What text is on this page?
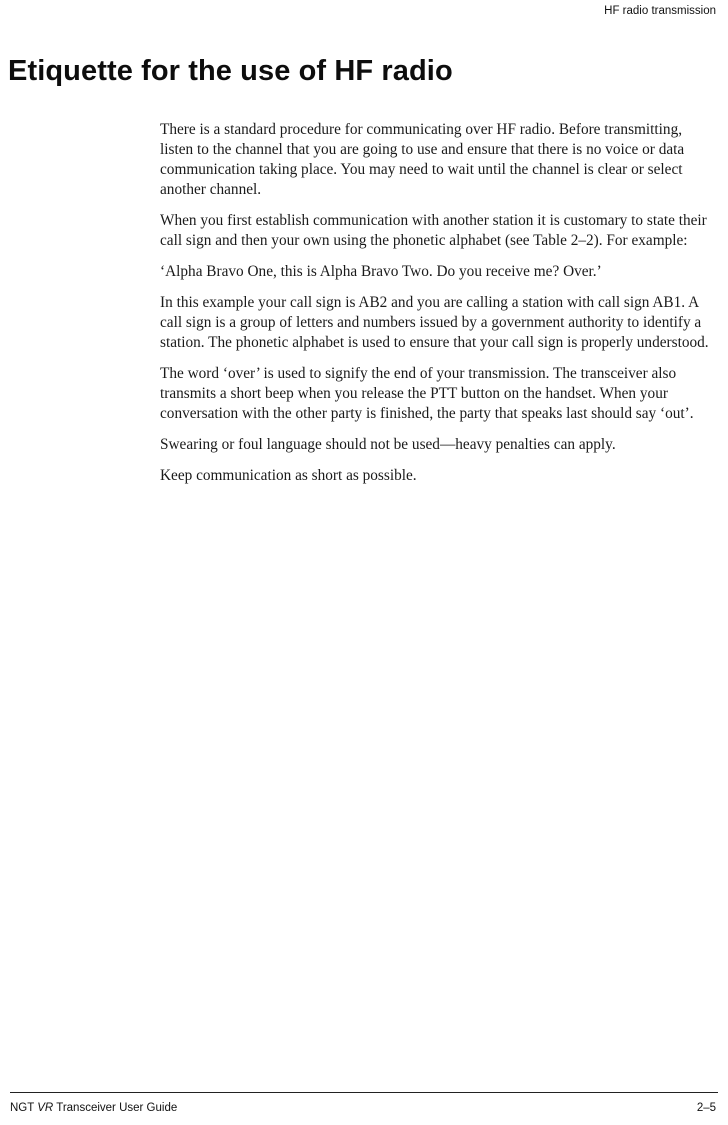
HF radio transmission
Etiquette for the use of HF radio

There is a standard procedure for communicating over HF radio. Before transmitting, listen to the channel that you are going to use and ensure that there is no voice or data communication taking place. You may need to wait until the channel is clear or select another channel.

When you first establish communication with another station it is customary to state their call sign and then your own using the phonetic alphabet (see Table 2–2). For example:

‘Alpha Bravo One, this is Alpha Bravo Two. Do you receive me? Over.’

In this example your call sign is AB2 and you are calling a station with call sign AB1. A call sign is a group of letters and numbers issued by a government authority to identify a station. The phonetic alphabet is used to ensure that your call sign is properly understood.

The word ‘over’ is used to signify the end of your transmission. The transceiver also transmits a short beep when you release the PTT button on the handset. When your conversation with the other party is finished, the party that speaks last should say ‘out’.

Swearing or foul language should not be used—heavy penalties can apply.

Keep communication as short as possible.

NGT VR Transceiver User Guide	2–5
